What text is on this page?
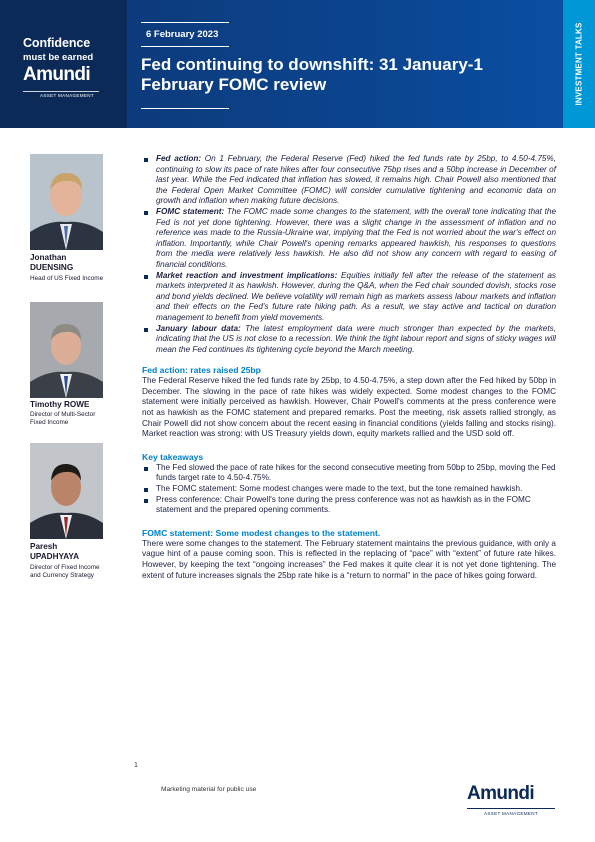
Confidence
must be earned
Amundi
ASSET MANAGEMENT
6 February 2023
Fed continuing to downshift: 31 January-1 February FOMC review	INVESTMENT TALKS
Jonathan
DUENSING
Head of US Fixed Income
Timothy ROWE
Director of Multi-Sector
Fixed Income
Paresh
UPADHYAYA
Director of Fixed Income
and Currency Strategy
Fed action: On 1 February, the Federal Reserve (Fed) hiked the fed funds rate by 25bp, to 4.50-4.75%, continuing to slow its pace of rate hikes after four consecutive 75bp rises and a 50bp increase in December of last year. While the Fed indicated that inflation has slowed, it remains high. Chair Powell also mentioned that the Federal Open Market Committee (FOMC) will consider cumulative tightening and economic data on growth and inflation when making future decisions.
FOMC statement: The FOMC made some changes to the statement, with the overall tone indicating that the Fed is not yet done tightening. However, there was a slight change in the assessment of inflation and no reference was made to the Russia-Ukraine war, implying that the Fed is not worried about the war's effect on inflation. Importantly, while Chair Powell's opening remarks appeared hawkish, his responses to questions from the media were relatively less hawkish. He also did not show any concern with regard to easing of financial conditions.
Market reaction and investment implications: Equities initially fell after the release of the statement as markets interpreted it as hawkish. However, during the Q&A, when the Fed chair sounded dovish, stocks rose and bond yields declined. We believe volatility will remain high as markets assess labour markets and inflation and their effects on the Fed's future rate hiking path. As a result, we stay active and tactical on duration management to benefit from yield movements.
January labour data: The latest employment data were much stronger than expected by the markets, indicating that the US is not close to a recession. We think the tight labour report and signs of sticky wages will mean the Fed continues its tightening cycle beyond the March meeting.
Fed action: rates raised 25bp
The Federal Reserve hiked the fed funds rate by 25bp, to 4.50-4.75%, a step down after the Fed hiked by 50bp in December. The slowing in the pace of rate hikes was widely expected. Some modest changes to the FOMC statement were initially perceived as hawkish. However, Chair Powell's comments at the press conference were not as hawkish as the FOMC statement and prepared remarks. Post the meeting, risk assets rallied strongly, as Chair Powell did not show concern about the recent easing in financial conditions (yields falling and stocks rising). Market reaction was strong: with US Treasury yields down, equity markets rallied and the USD sold off.
Key takeaways
The Fed slowed the pace of rate hikes for the second consecutive meeting from 50bp to 25bp, moving the Fed funds target rate to 4.50-4.75%.
The FOMC statement: Some modest changes were made to the text, but the tone remained hawkish.
Press conference: Chair Powell's tone during the press conference was not as hawkish as in the FOMC statement and the prepared opening comments.
FOMC statement: Some modest changes to the statement.
There were some changes to the statement. The February statement maintains the previous guidance, with only a vague hint of a pause coming soon. This is reflected in the replacing of “pace” with “extent” of future rate hikes. However, by keeping the text “ongoing increases” the Fed makes it quite clear it is not yet done tightening. The extent of future increases signals the 25bp rate hike is a “return to normal” in the pace of hikes going forward.
1
Marketing material for public use	Amundi
ASSET MANAGEMENT
